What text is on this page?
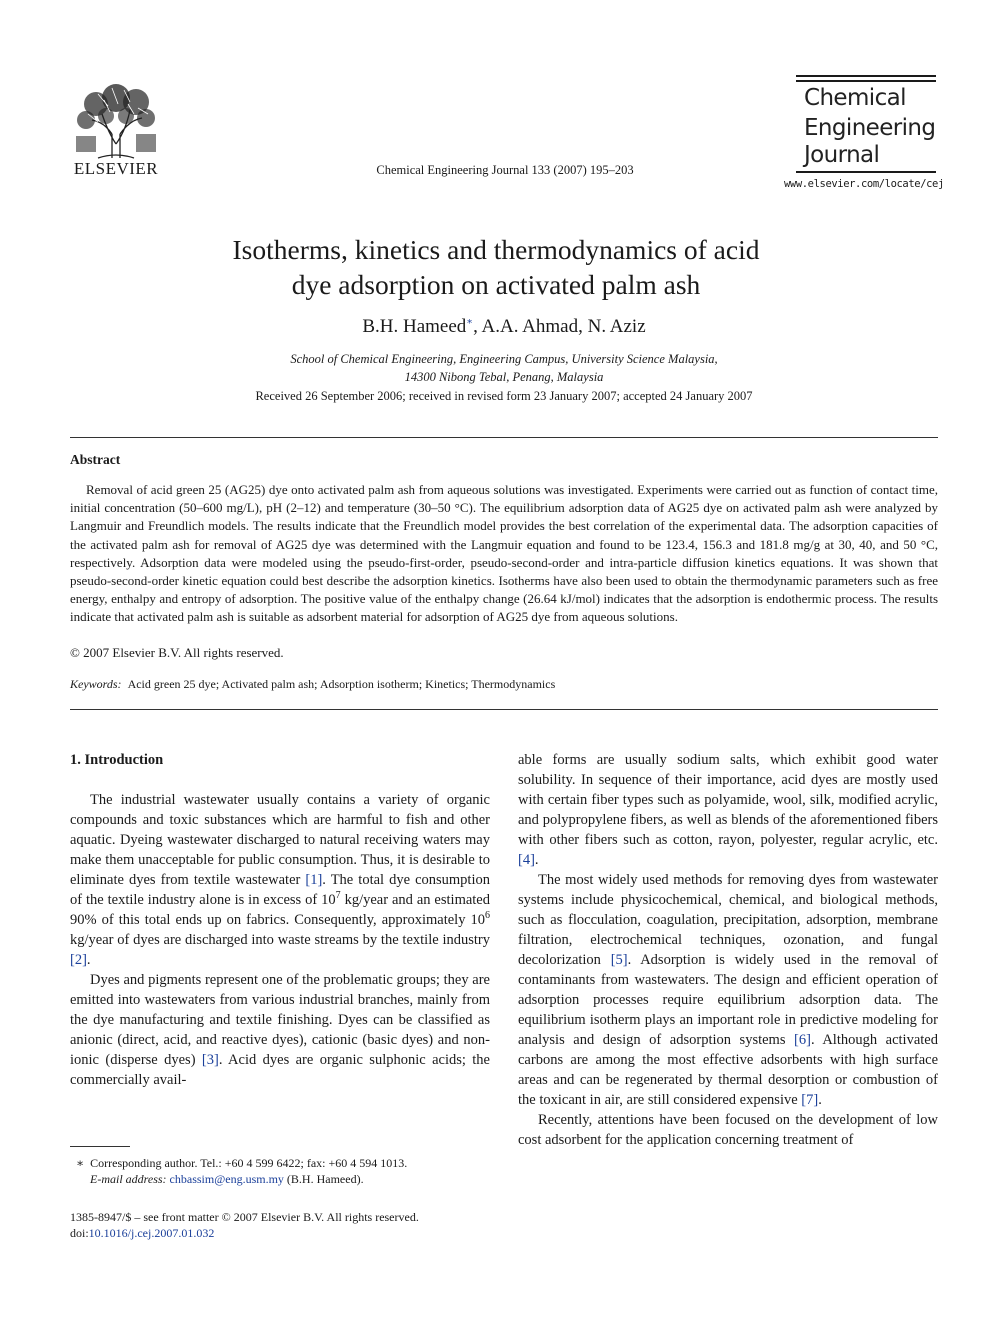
ELSEVIER	Chemical Engineering Journal 133 (2007) 195–203
Chemical
Engineering
Journal
www.elsevier.com/locate/cej
Isotherms, kinetics and thermodynamics of acid
dye adsorption on activated palm ash
B.H. Hameed∗, A.A. Ahmad, N. Aziz
School of Chemical Engineering, Engineering Campus, University Science Malaysia,
14300 Nibong Tebal, Penang, Malaysia
Received 26 September 2006; received in revised form 23 January 2007; accepted 24 January 2007
Abstract
Removal of acid green 25 (AG25) dye onto activated palm ash from aqueous solutions was investigated. Experiments were carried out as function of contact time, initial concentration (50–600 mg/L), pH (2–12) and temperature (30–50 °C). The equilibrium adsorption data of AG25 dye on activated palm ash were analyzed by Langmuir and Freundlich models. The results indicate that the Freundlich model provides the best correlation of the experimental data. The adsorption capacities of the activated palm ash for removal of AG25 dye was determined with the Langmuir equation and found to be 123.4, 156.3 and 181.8 mg/g at 30, 40, and 50 °C, respectively. Adsorption data were modeled using the pseudo-first-order, pseudo-second-order and intra-particle diffusion kinetics equations. It was shown that pseudo-second-order kinetic equation could best describe the adsorption kinetics. Isotherms have also been used to obtain the thermodynamic parameters such as free energy, enthalpy and entropy of adsorption. The positive value of the enthalpy change (26.64 kJ/mol) indicates that the adsorption is endothermic process. The results indicate that activated palm ash is suitable as adsorbent material for adsorption of AG25 dye from aqueous solutions.
© 2007 Elsevier B.V. All rights reserved.
Keywords: Acid green 25 dye; Activated palm ash; Adsorption isotherm; Kinetics; Thermodynamics
1. Introduction

The industrial wastewater usually contains a variety of organic compounds and toxic substances which are harmful to fish and other aquatic. Dyeing wastewater discharged to natural receiving waters may make them unacceptable for public consumption. Thus, it is desirable to eliminate dyes from textile wastewater [1]. The total dye consumption of the textile industry alone is in excess of $10^7$ kg/year and an estimated 90% of this total ends up on fabrics. Consequently, approximately $10^6$ kg/year of dyes are discharged into waste streams by the textile industry [2].

Dyes and pigments represent one of the problematic groups; they are emitted into wastewaters from various industrial branches, mainly from the dye manufacturing and textile finishing. Dyes can be classified as anionic (direct, acid, and reactive dyes), cationic (basic dyes) and non-ionic (disperse dyes) [3]. Acid dyes are organic sulphonic acids; the commercially avail-

able forms are usually sodium salts, which exhibit good water solubility. In sequence of their importance, acid dyes are mostly used with certain fiber types such as polyamide, wool, silk, modified acrylic, and polypropylene fibers, as well as blends of the aforementioned fibers with other fibers such as cotton, rayon, polyester, regular acrylic, etc. [4].

The most widely used methods for removing dyes from wastewater systems include physicochemical, chemical, and biological methods, such as flocculation, coagulation, precipitation, adsorption, membrane filtration, electrochemical techniques, ozonation, and fungal decolorization [5]. Adsorption is widely used in the removal of contaminants from wastewaters. The design and efficient operation of adsorption processes require equilibrium adsorption data. The equilibrium isotherm plays an important role in predictive modeling for analysis and design of adsorption systems [6]. Although activated carbons are among the most effective adsorbents with high surface areas and can be regenerated by thermal desorption or combustion of the toxicant in air, are still considered expensive [7].

Recently, attentions have been focused on the development of low cost adsorbent for the application concerning treatment of

∗ Corresponding author. Tel.: +60 4 599 6422; fax: +60 4 594 1013.
E-mail address: chbassim@eng.usm.my (B.H. Hameed).
1385-8947/$ – see front matter © 2007 Elsevier B.V. All rights reserved.
doi:10.1016/j.cej.2007.01.032
